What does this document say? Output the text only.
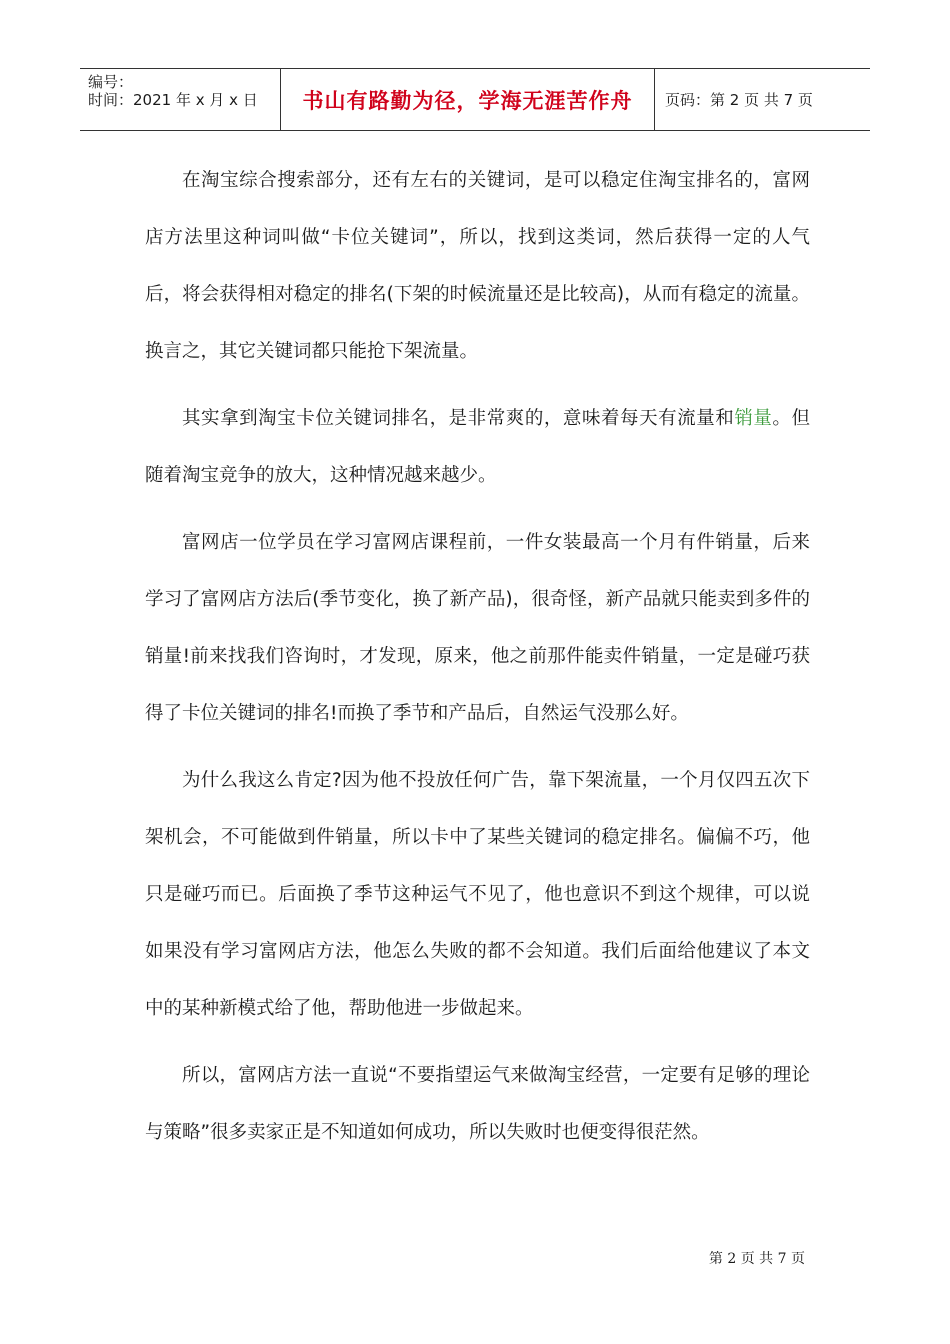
编号：
时间：2021 年 x 月 x 日	书山有路勤为径，学海无涯苦作舟 页码：第 2 页 共 7 页

在淘宝综合搜索部分，还有左右的关键词，是可以稳定住淘宝排名的，富网店方法里这种词叫做“卡位关键词”，所以，找到这类词，然后获得一定的人气后，将会获得相对稳定的排名(下架的时候流量还是比较高)，从而有稳定的流量。换言之，其它关键词都只能抢下架流量。

其实拿到淘宝卡位关键词排名，是非常爽的，意味着每天有流量和销量。但随着淘宝竞争的放大，这种情况越来越少。

富网店一位学员在学习富网店课程前，一件女装最高一个月有件销量，后来学习了富网店方法后(季节变化，换了新产品)，很奇怪，新产品就只能卖到多件的销量!前来找我们咨询时，才发现，原来，他之前那件能卖件销量，一定是碰巧获得了卡位关键词的排名!而换了季节和产品后，自然运气没那么好。

为什么我这么肯定?因为他不投放任何广告，靠下架流量，一个月仅四五次下架机会，不可能做到件销量，所以卡中了某些关键词的稳定排名。偏偏不巧，他只是碰巧而已。后面换了季节这种运气不见了，他也意识不到这个规律，可以说如果没有学习富网店方法，他怎么失败的都不会知道。我们后面给他建议了本文中的某种新模式给了他，帮助他进一步做起来。

所以，富网店方法一直说“不要指望运气来做淘宝经营，一定要有足够的理论与策略”很多卖家正是不知道如何成功，所以失败时也便变得很茫然。

第 2 页 共 7 页
